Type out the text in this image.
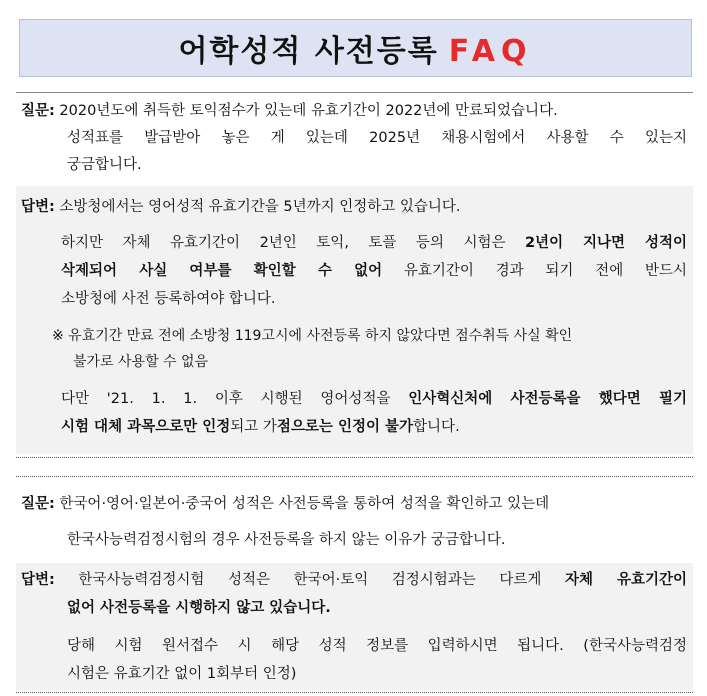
어학성적 사전등록 FAQ
질문: 2020년도에 취득한 토익점수가 있는데 유효기간이 2022년에 만료되었습니다.
성적표를 발급받아 놓은 게 있는데 2025년 채용시험에서 사용할 수 있는지
궁금합니다.
답변: 소방청에서는 영어성적 유효기간을 5년까지 인정하고 있습니다.
하지만 자체 유효기간이 2년인 토익, 토플 등의 시험은 2년이 지나면 성적이
삭제되어 사실 여부를 확인할 수 없어 유효기간이 경과 되기 전에 반드시
소방청에 사전 등록하여야 합니다.
※ 유효기간 만료 전에 소방청 119고시에 사전등록 하지 않았다면 점수취득 사실 확인
불가로 사용할 수 없음
다만 '21. 1. 1. 이후 시행된 영어성적을 인사혁신처에 사전등록을 했다면 필기
시험 대체 과목으로만 인정되고 가점으로는 인정이 불가합니다.
질문: 한국어·영어·일본어·중국어 성적은 사전등록을 통하여 성적을 확인하고 있는데
한국사능력검정시험의 경우 사전등록을 하지 않는 이유가 궁금합니다.
답변: 한국사능력검정시험 성적은 한국어·토익 검정시험과는 다르게 자체 유효기간이
없어 사전등록을 시행하지 않고 있습니다.
당해 시험 원서접수 시 해당 성적 정보를 입력하시면 됩니다. (한국사능력검정
시험은 유효기간 없이 1회부터 인정)
